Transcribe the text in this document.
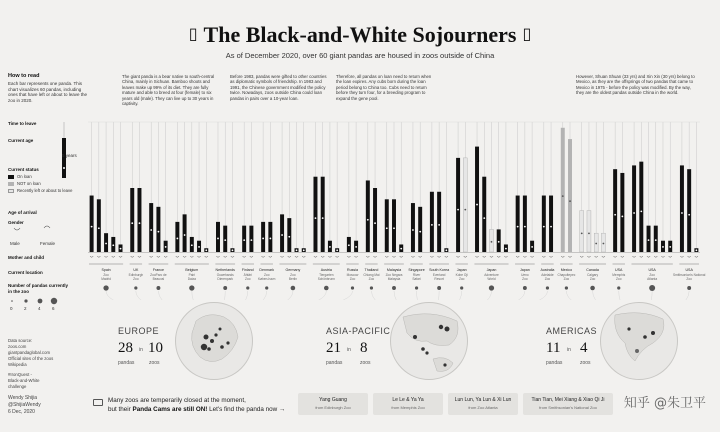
▯ The Black-and-White Sojourners ▯
As of December 2020, over 60 giant pandas are housed in zoos outside of China
How to read
Each bar represents one panda. This chart visualizes 60 pandas, including ones that have left or about to leave the zoo in 2020.
Time to leave
Current age
5 years
Current status
On loan
NOT on loan
Recently left or about to leave
Age of arrival
Gender
Male	Female
Mother and child
Current location
Number of pandas currently in the zoo
0	2	4	6
The giant panda is a bear native to south-central China, mainly in Sichuan. Bamboo shoots and leaves make up 99% of its diet. They are fully mature and able to breed at four (female) to six years old (male). They can live up to 30 years in captivity.
Before 1983, pandas were gifted to other countries as diplomatic symbols of friendship. In 1983 and 1991, the Chinese government modified the policy twice. Nowadays, zoos outside China could loan pandas in pairs over a 10-year loan.
Therefore, all pandas on loan need to return when the loan expires. Any cubs born during the loan period belong to China too. Cubs need to return before they turn four, for a breeding program to expand the gene pool.
However, Shuan Shuan (33 yrs) and Xin Xin (30 yrs) belong to Mexico, as they are the offsprings of two pandas that came to Mexico in 1975 - before the policy was modified. By the way, they are the oldest pandas outside China in the world.
Spain
Zoo
Madrid
UK
Edinburgh
Zoo
France
ZooParc de
Beauval
Belgium
Pairi
Daiza
Netherlands
Ouwehands
Dierenpark
Finland
Ähtäri
Zoo
Denmark
Zoo
Køben-havn
Germany
Zoo
Berlin
Austria
Tiergarten
Schönbrunn
Russia
Moscow
Zoo
Thailand
Chiang Mai
Zoo
Malaysia
Zoo Negara
Malaysia
Singapore
River
Safari
South Korea
Everland
Resort
Japan
Kobe Oji
Zoo
Japan
Adventure
World
Japan
Ueno
Zoo
Australia
Adelaide
Zoo
Mexico
Chapultepec
Zoo
Canada
Calgary
Zoo
USA
Memphis
Zoo
USA
Zoo
Atlanta
USA
Smithsonian's National
Zoo
EUROPE
28 in 10
pandas	zoos
ASIA-PACIFIC
21 in 8
pandas	zoos
AMERICAS
11 in 4
pandas	zoos
Data source:
zoos.com
giantpandaglobal.com
Official sites of the zoos
Wikipedia
#IronQuest -
Black-and-White
challenge
Wendy Shijia
@ShijiaWendy
6 Dec, 2020
Many zoos are temperarily closed at the moment,
but their Panda Cams are still ON! Let's find the panda now →
Yang Guang
from Edinburgh Zoo
Le Le & Ya Ya
from Memphis Zoo
Lun Lun, Ya Lun & Xi Lun
from Zoo Atlanta
Tian Tian, Mei Xiang & Xiao Qi Ji
from Smithsonian's National Zoo	知乎 @朱卫平
